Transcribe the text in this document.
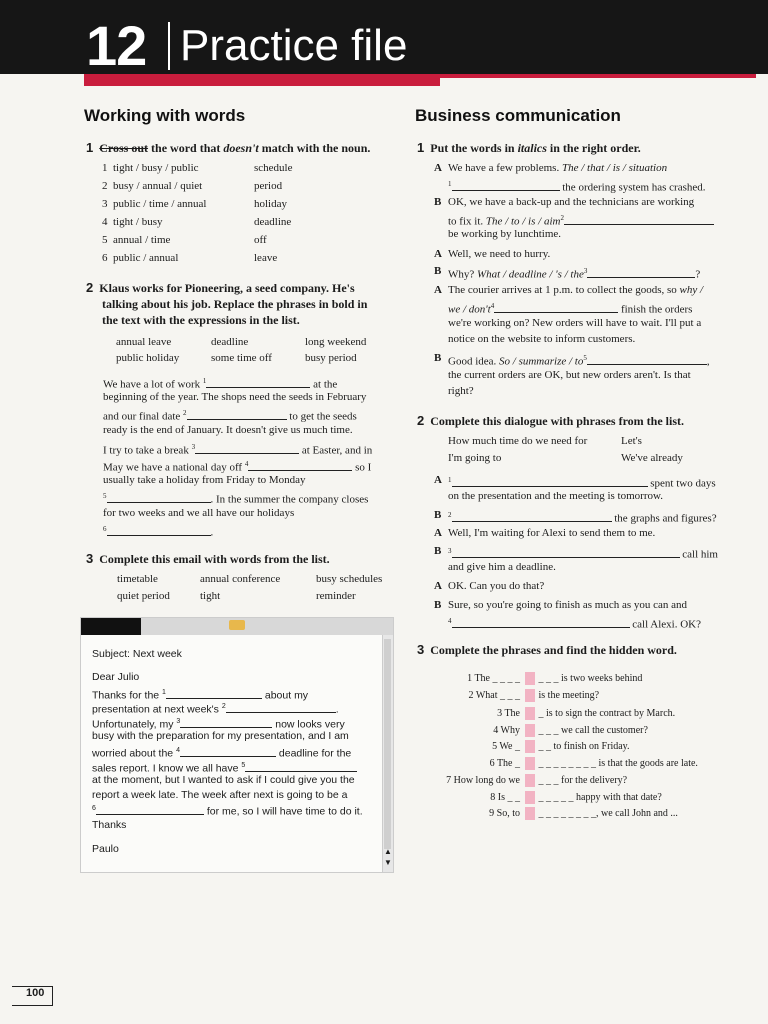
12 Practice file
Working with words
1 Cross out the word that doesn't match with the noun.
1 tight / busy / public	schedule
2 busy / annual / quiet	period
3 public / time / annual	holiday
4 tight / busy	deadline
5 annual / time	off
6 public / annual	leave
2 Klaus works for Pioneering, a seed company. He's
talking about his job. Replace the phrases in bold in
the text with the expressions in the list.
annual leave	deadline	long weekend
public holiday	some time off	busy period
We have a lot of work $^1$	at the
beginning of the year. The shops need the seeds in February
and our final date $^2$	to get the seeds
ready is the end of January. It doesn't give us much time.
I try to take a break $^3$	at Easter, and in
May we have a national day off $^4$	so I
usually take a holiday from Friday to Monday
$^5$	. In the summer the company closes
for two weeks and we all have our holidays
$^6$	.
3 Complete this email with words from the list.
timetable	annual conference	busy schedules
quiet period	tight	reminder
▲
▼
Subject: Next week
Dear Julio
Thanks for the $^1$	about my
presentation at next week's $^2$	.
Unfortunately, my $^3$	now looks very
busy with the preparation for my presentation, and I am
worried about the $^4$	deadline for the
sales report. I know we all have $^5$
at the moment, but I wanted to ask if I could give you the
report a week late. The week after next is going to be a
$^6$	for me, so I will have time to do it.
Thanks
Paulo
Business communication
1 Put the words in italics in the right order.
A We have a few problems. The / that / is / situation
$^1$	the ordering system has crashed.
B OK, we have a back-up and the technicians are working
to fix it. The / to / is / aim$^2$
be working by lunchtime.
A Well, we need to hurry.
B Why? What / deadline / 's / the$^3$	?
A The courier arrives at 1 p.m. to collect the goods, so why /
we / $don't^4$	finish the orders
we're working on? New orders will have to wait. I'll put a
notice on the website to inform customers.
B Good idea. So / summarize / $to^5$	,
the current orders are OK, but new orders aren't. Is that
right?
2 Complete this dialogue with phrases from the list.
How much time do we need for	Let's
I'm going to	We've already
A $^1$	spent two days
on the presentation and the meeting is tomorrow.
B $^2$	the graphs and figures?
A Well, I'm waiting for Alexi to send them to me.
B $^3$	call him
and give him a deadline.
A OK. Can you do that?
B Sure, so you're going to finish as much as you can and
$^4$	call Alexi. OK?
3 Complete the phrases and find the hidden word.
1 The _ _ _ _	_ _ _ is two weeks behind
2 What _ _ _	is the meeting?
3 The	_ is to sign the contract by March.
4 Why	_ _ _ we call the customer?
5 We _	_ _ to finish on Friday.
6 The _	_ _ _ _ _ _ _ _ is that the goods are late.
7 How long do we	_ _ _ for the delivery?
8 Is _ _	_ _ _ _ _ happy with that date?
9 So, to	_ _ _ _ _ _ _ _, we call John and ...
100
